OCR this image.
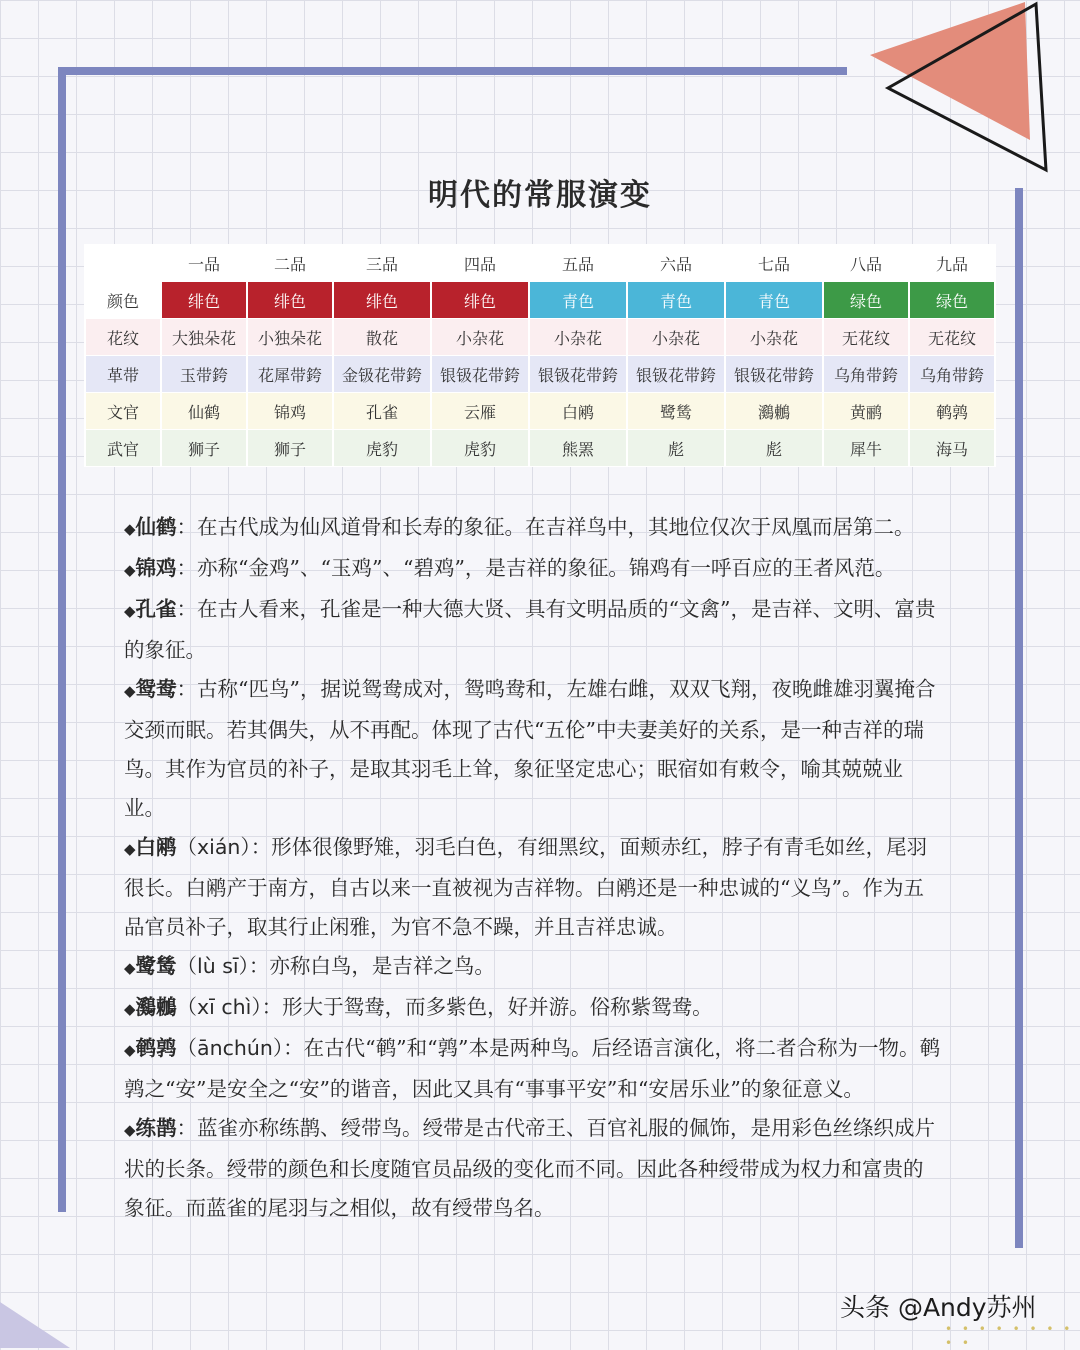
• • • • • • • • • •
明代的常服演变
	一品	二品	三品	四品	五品	六品	七品	八品	九品
颜色	绯色	绯色	绯色	绯色	青色	青色	青色	绿色	绿色
花纹	大独朵花	小独朵花	散花	小杂花	小杂花	小杂花	小杂花	无花纹	无花纹
革带	玉带銙	花犀带銙	金钑花带銙	银钑花带銙	银钑花带銙	银钑花带銙	银钑花带銙	乌角带銙	乌角带銙
文官	仙鹤	锦鸡	孔雀	云雁	白鹇	鹭鸶	鸂鶒	黄鹂	鹌鹑
武官	狮子	狮子	虎豹	虎豹	熊罴	彪	彪	犀牛	海马

◆仙鹤：在古代成为仙风道骨和长寿的象征。在吉祥鸟中，其地位仅次于凤凰而居第二。

◆锦鸡：亦称“金鸡”、“玉鸡”、“碧鸡”，是吉祥的象征。锦鸡有一呼百应的王者风范。

◆孔雀：在古人看来，孔雀是一种大德大贤、具有文明品质的“文禽”，是吉祥、文明、富贵的象征。

◆鸳鸯：古称“匹鸟”，据说鸳鸯成对，鸳鸣鸯和，左雄右雌，双双飞翔，夜晚雌雄羽翼掩合交颈而眠。若其偶失，从不再配。体现了古代“五伦”中夫妻美好的关系，是一种吉祥的瑞鸟。其作为官员的补子，是取其羽毛上耸，象征坚定忠心；眠宿如有敕令，喻其兢兢业业。

◆白鹇（xián）：形体很像野雉，羽毛白色，有细黑纹，面颊赤红，脖子有青毛如丝，尾羽很长。白鹇产于南方，自古以来一直被视为吉祥物。白鹇还是一种忠诚的“义鸟”。作为五品官员补子，取其行止闲雅，为官不急不躁，并且吉祥忠诚。

◆鹭鸶（lù sī）：亦称白鸟，是吉祥之鸟。

◆鸂鶒（xī chì）：形大于鸳鸯，而多紫色，好并游。俗称紫鸳鸯。

◆鹌鹑（ānchún）：在古代“鹌”和“鹑”本是两种鸟。后经语言演化，将二者合称为一物。鹌鹑之“安”是安全之“安”的谐音，因此又具有“事事平安”和“安居乐业”的象征意义。

◆练鹊：蓝雀亦称练鹊、绶带鸟。绶带是古代帝王、百官礼服的佩饰，是用彩色丝绦织成片状的长条。绶带的颜色和长度随官员品级的变化而不同。因此各种绶带成为权力和富贵的象征。而蓝雀的尾羽与之相似，故有绶带鸟名。

头条 @Andy苏州
